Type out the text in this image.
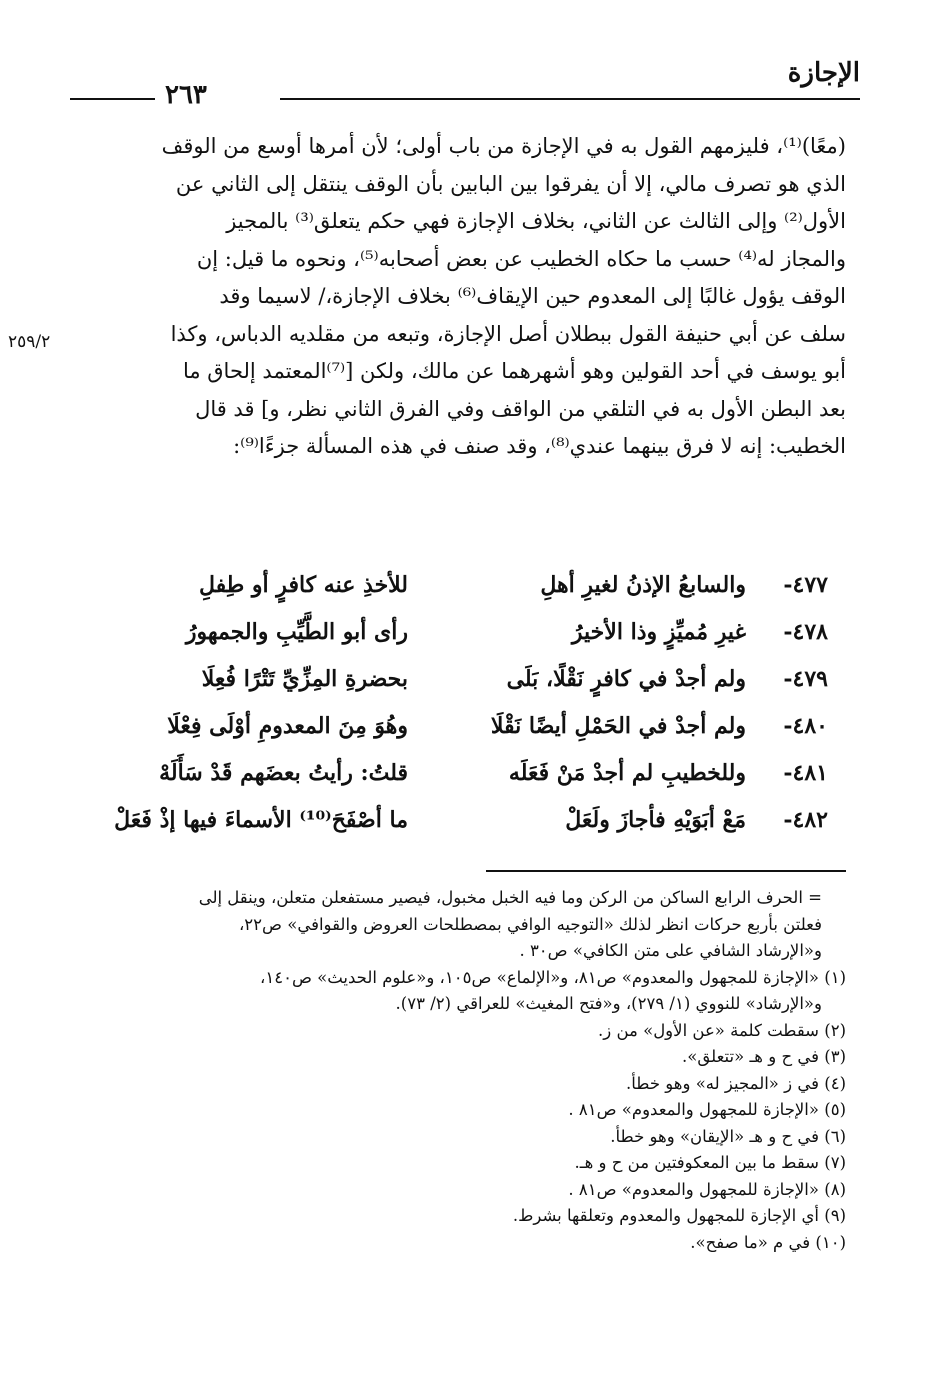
الإجازة
٢٦٣
٢٥٩/٢

(معًا)⁽¹⁾، فليزمهم القول به في الإجازة من باب أولى؛ لأن أمرها أوسع من الوقف

الذي هو تصرف مالي، إلا أن يفرقوا بين البابين بأن الوقف ينتقل إلى الثاني عن

الأول⁽²⁾ وإلى الثالث عن الثاني، بخلاف الإجازة فهي حكم يتعلق⁽³⁾ بالمجيز

والمجاز له⁽⁴⁾ حسب ما حكاه الخطيب عن بعض أصحابه⁽⁵⁾، ونحوه ما قيل: إن

الوقف يؤول غالبًا إلى المعدوم حين الإيقاف⁽⁶⁾ بخلاف الإجازة،/ لاسيما وقد

سلف عن أبي حنيفة القول ببطلان أصل الإجازة، وتبعه من مقلديه الدباس، وكذا

أبو يوسف في أحد القولين وهو أشهرهما عن مالك، ولكن [⁽⁷⁾المعتمد إلحاق ما

بعد البطن الأول به في التلقي من الواقف وفي الفرق الثاني نظر، و] قد قال

الخطيب: إنه لا فرق بينهما عندي⁽⁸⁾، وقد صنف في هذه المسألة جزءًا⁽⁹⁾:

٤٧٧-
والسابعُ الإذنُ لغيرِ أهلِ
للأخذِ عنه كافرٍ أو طِفلِ
٤٧٨-
غيرِ مُميِّزٍ وذا الأخيرُ
رأى أبو الطَّيِّبِ والجمهورُ
٤٧٩-
ولم أجدْ في كافرٍ نَقْلًا، بَلَى
بحضرةِ المِزِّيِّ تَتْرًا فُعِلَا
٤٨٠-
ولم أجدْ في الحَمْلِ أيضًا نَقْلَا
وهُوَ مِنَ المعدومِ أوْلَى فِعْلَا
٤٨١-
وللخطيبِ لم أجدْ مَنْ فَعَلَه
قلتُ: رأيتُ بعضَهم قَدْ سَأَلَهْ
٤٨٢-
مَعْ أبَوَيْهِ فأجازَ ولَعَلْ
ما أصْفَحَ⁽¹⁰⁾ الأسماءَ فيها إذْ فَعَلْ

= الحرف الرابع الساكن من الركن وما فيه الخبل مخبول، فيصير مستفعلن متعلن، وينقل إلى

فعلتن بأربع حركات انظر لذلك «التوجيه الوافي بمصطلحات العروض والقوافي» ص٢٢،

و«الإرشاد الشافي على متن الكافي» ص٣٠ .

(١) «الإجازة للمجهول والمعدوم» ص٨١، و«الإلماع» ص١٠٥، و«علوم الحديث» ص١٤٠،

و«الإرشاد» للنووي (١/ ٢٧٩)، و«فتح المغيث» للعراقي (٢/ ٧٣).

(٢) سقطت كلمة «عن الأول» من ز.

(٣) في ح و هـ «تتعلق».

(٤) في ز «المجيز له» وهو خطأ.

(٥) «الإجازة للمجهول والمعدوم» ص٨١ .

(٦) في ح و هـ «الإيقان» وهو خطأ.

(٧) سقط ما بين المعكوفتين من ح و هـ.

(٨) «الإجازة للمجهول والمعدوم» ص٨١ .

(٩) أي الإجازة للمجهول والمعدوم وتعلقها بشرط.

(١٠) في م «ما صفح».
